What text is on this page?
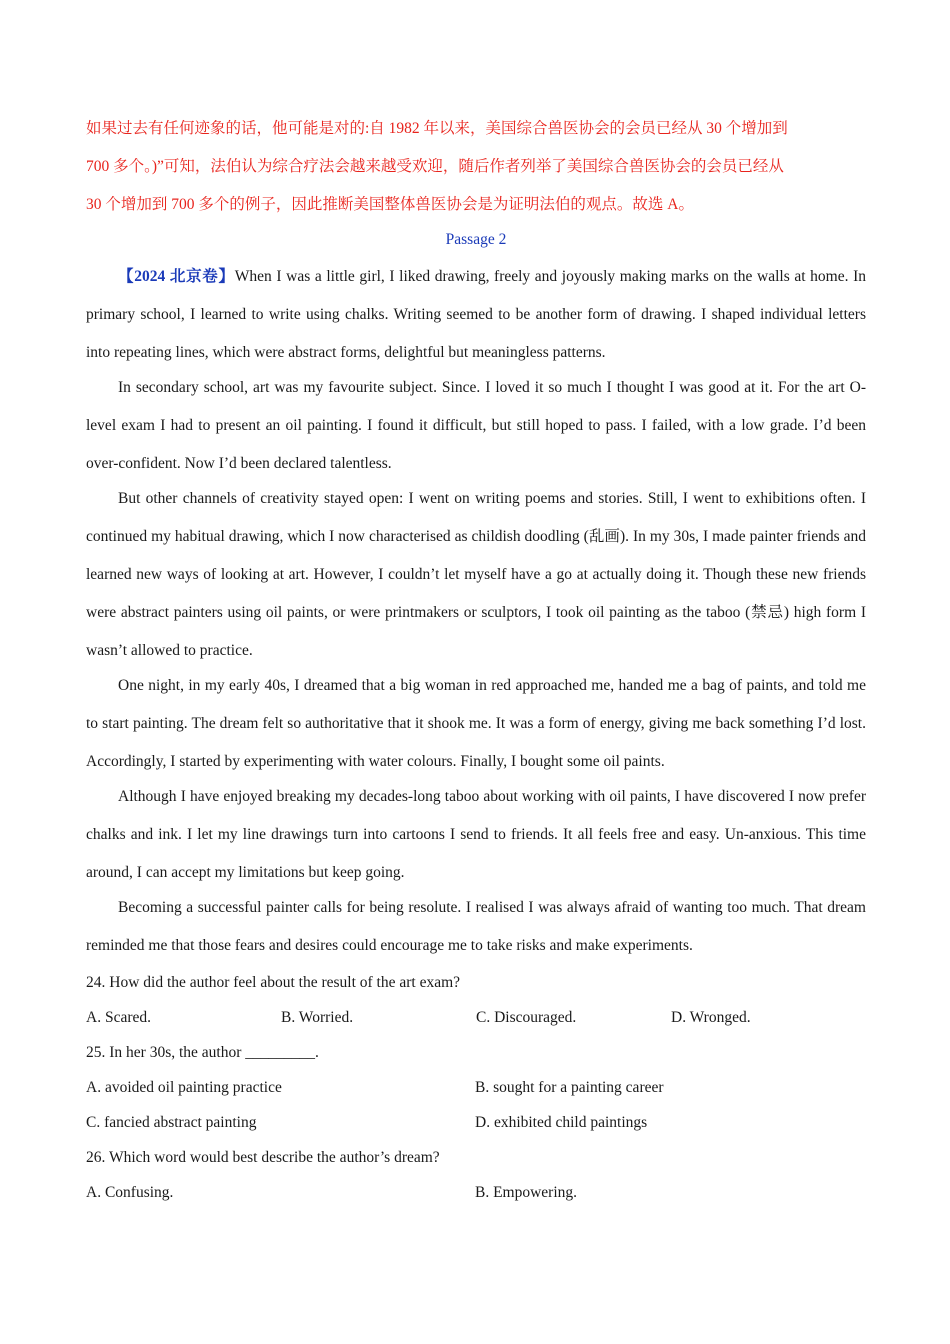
如果过去有任何迹象的话，他可能是对的:自 1982 年以来，美国综合兽医协会的会员已经从 30 个增加到

700 多个。)”可知，法伯认为综合疗法会越来越受欢迎，随后作者列举了美国综合兽医协会的会员已经从

30 个增加到 700 多个的例子，因此推断美国整体兽医协会是为证明法伯的观点。故选 A。

Passage 2

【2024 北京卷】When I was a little girl, I liked drawing, freely and joyously making marks on the walls at home. In primary school, I learned to write using chalks. Writing seemed to be another form of drawing. I shaped individual letters into repeating lines, which were abstract forms, delightful but meaningless patterns.

In secondary school, art was my favourite subject. Since. I loved it so much I thought I was good at it. For the art O-level exam I had to present an oil painting. I found it difficult, but still hoped to pass. I failed, with a low grade. I’d been over-confident. Now I’d been declared talentless.

But other channels of creativity stayed open: I went on writing poems and stories. Still, I went to exhibitions often. I continued my habitual drawing, which I now characterised as childish doodling (乱画). In my 30s, I made painter friends and learned new ways of looking at art. However, I couldn’t let myself have a go at actually doing it. Though these new friends were abstract painters using oil paints, or were printmakers or sculptors, I took oil painting as the taboo (禁忌) high form I wasn’t allowed to practice.

One night, in my early 40s, I dreamed that a big woman in red approached me, handed me a bag of paints, and told me to start painting. The dream felt so authoritative that it shook me. It was a form of energy, giving me back something I’d lost. Accordingly, I started by experimenting with water colours. Finally, I bought some oil paints.

Although I have enjoyed breaking my decades-long taboo about working with oil paints, I have discovered I now prefer chalks and ink. I let my line drawings turn into cartoons I send to friends. It all feels free and easy. Un-anxious. This time around, I can accept my limitations but keep going.

Becoming a successful painter calls for being resolute. I realised I was always afraid of wanting too much. That dream reminded me that those fears and desires could encourage me to take risks and make experiments.

24. How did the author feel about the result of the art exam?

A. Scared.	B. Worried.	C. Discouraged.	D. Wronged.

25. In her 30s, the author _________.

A. avoided oil painting practice	B. sought for a painting career
C. fancied abstract painting	D. exhibited child paintings

26. Which word would best describe the author’s dream?

A. Confusing.	B. Empowering.
